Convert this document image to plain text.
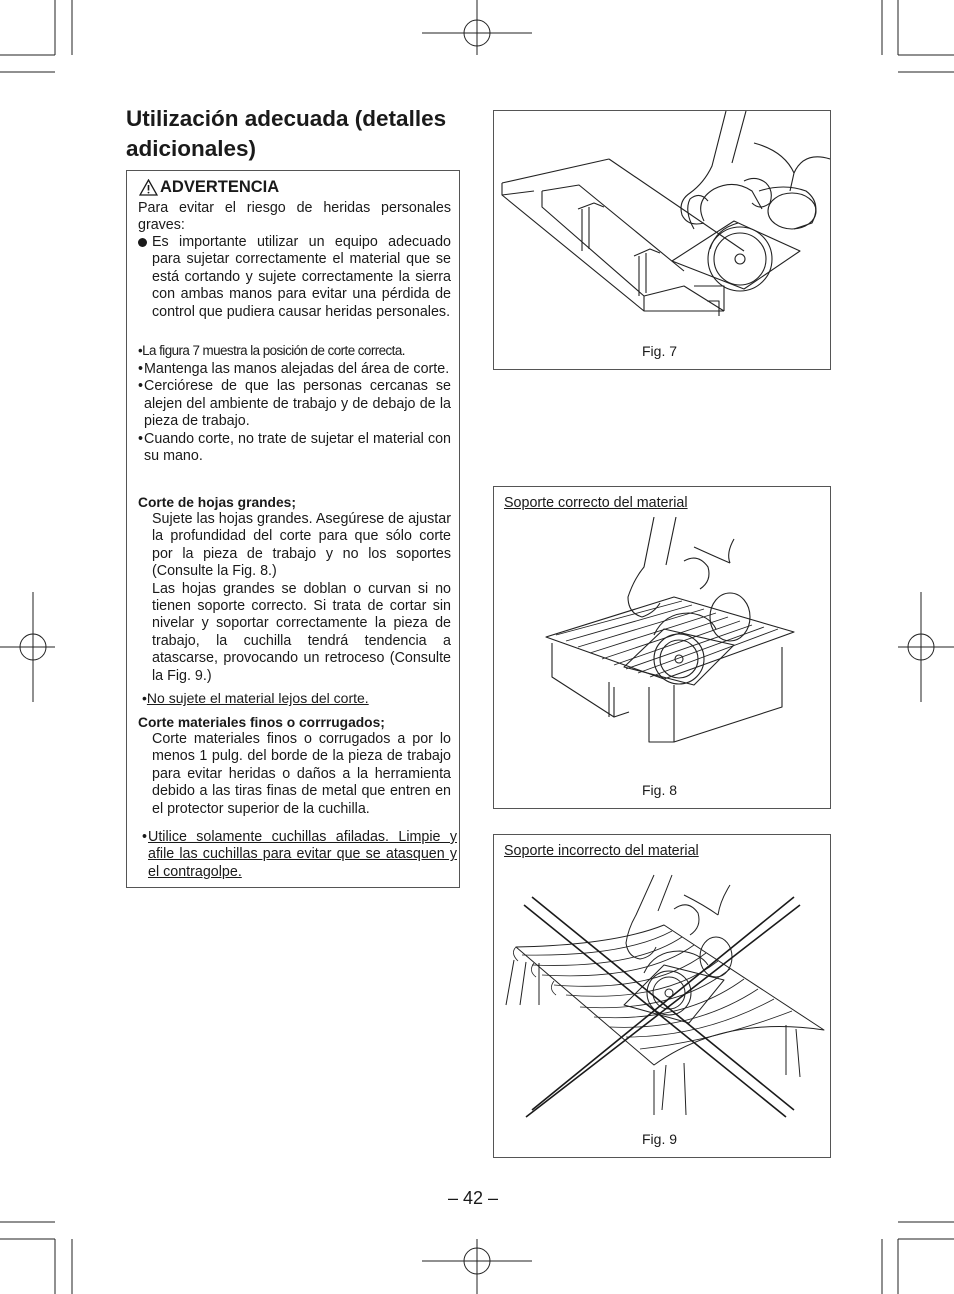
Utilización adecuada (detalles adicionales)
ADVERTENCIA
Para evitar el riesgo de heridas personales graves:

Es importante utilizar un equipo adecuado para sujetar correctamente el material que se está cortando y sujete correctamente la sierra con ambas manos para evitar una pérdida de control que pudiera causar heridas personales.

•La figura 7 muestra la posición de corte correcta.
• Mantenga las manos alejadas del área de corte.
• Cerciórese de que las personas cercanas se alejen del ambiente de trabajo y de debajo de la pieza de trabajo.
• Cuando corte, no trate de sujetar el material con su mano.
Corte de hojas grandes;

Sujete las hojas grandes. Asegúrese de ajustar la profundidad del corte para que sólo corte por la pieza de trabajo y no los soportes (Consulte la Fig. 8.)

Las hojas grandes se doblan o curvan si no tienen soporte correcto. Si trata de cortar sin nivelar y soportar correctamente la pieza de trabajo, la cuchilla tendrá tendencia a atascarse, provocando un retroceso (Consulte la Fig. 9.)

•No sujete el material lejos del corte.
Corte materiales finos o corrrugados;
Corte materiales finos o corrugados a por lo menos 1 pulg. del borde de la pieza de trabajo para evitar heridas o daños a la herramienta debido a las tiras finas de metal que entren en el protector superior de la cuchilla.
• Utilice solamente cuchillas afiladas. Limpie y afile las cuchillas para evitar que se atasquen y el contragolpe.
Fig. 7
Soporte correcto del material
Fig. 8
Soporte incorrecto del material
Fig. 9
– 42 –
